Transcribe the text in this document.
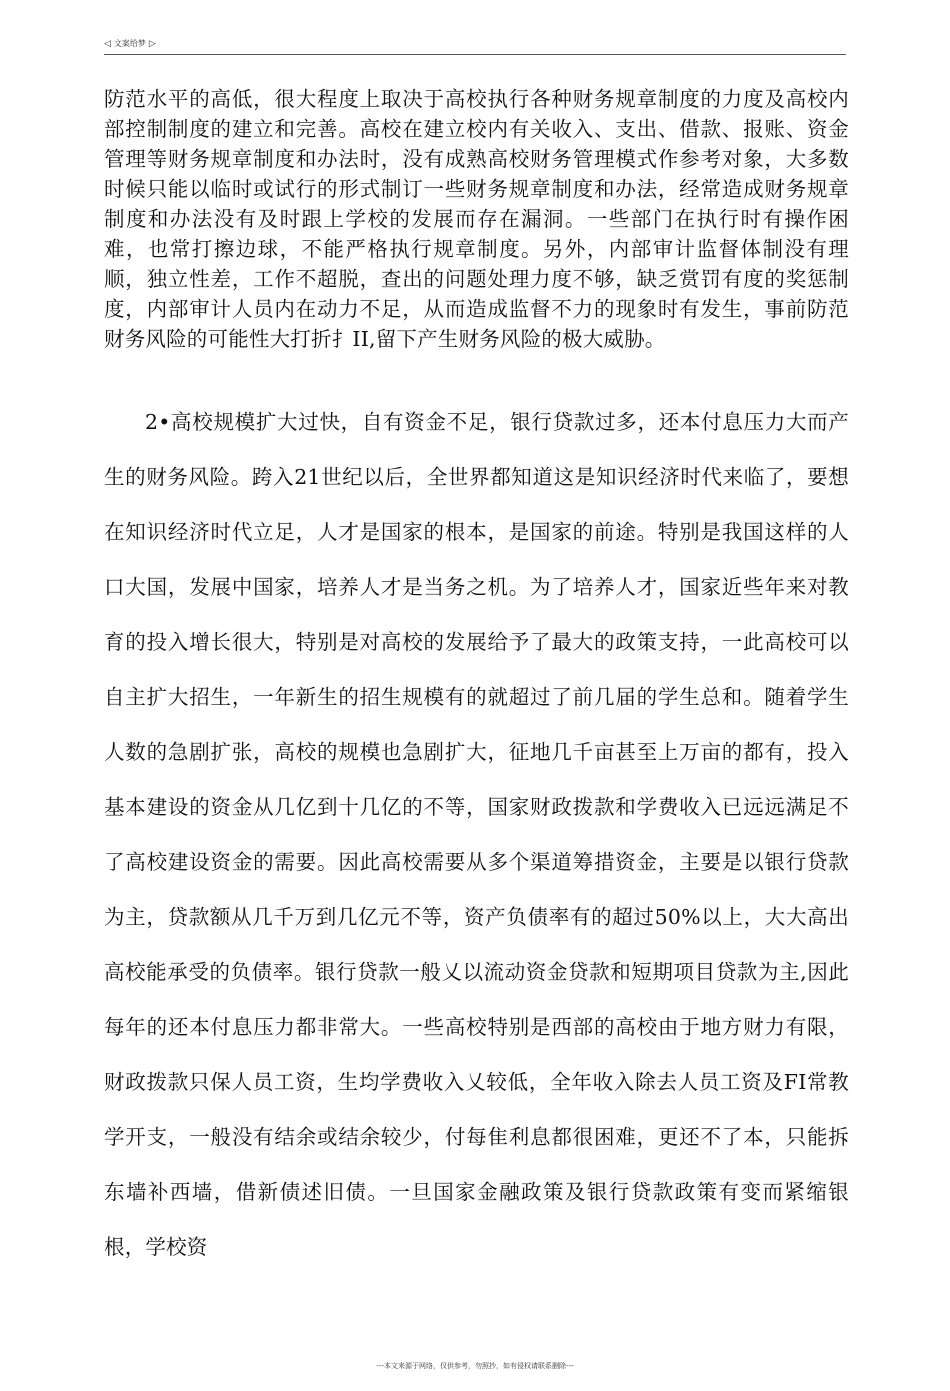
◁ 文案给梦 ▷

防范水平的高低，很大程度上取决于高校执行各种财务规章制度的力度及高校内部控制制度的建立和完善。高校在建立校内有关收入、支出、借款、报账、资金管理等财务规章制度和办法时，没有成熟高校财务管理模式作参考对象，大多数时候只能以临时或试行的形式制订一些财务规章制度和办法，经常造成财务规章制度和办法没有及时跟上学校的发展而存在漏洞。一些部门在执行时有操作困难，也常打擦边球，不能严格执行规章制度。另外，内部审计监督体制没有理顺，独立性差，工作不超脱，查出的问题处理力度不够，缺乏赏罚有度的奖惩制度，内部审计人员内在动力不足，从而造成监督不力的现象时有发生，事前防范财务风险的可能性大打折扌II,留下产生财务风险的极大威胁。

2•高校规模扩大过快，自有资金不足，银行贷款过多，还本付息压力大而产生的财务风险。跨入21世纪以后，全世界都知道这是知识经济时代来临了，要想在知识经济时代立足，人才是国家的根本，是国家的前途。特别是我国这样的人口大国，发展中国家，培养人才是当务之机。为了培养人才，国家近些年来对教育的投入增长很大，特别是对高校的发展给予了最大的政策支持，一此高校可以自主扩大招生，一年新生的招生规模有的就超过了前几届的学生总和。随着学生人数的急剧扩张，高校的规模也急剧扩大，征地几千亩甚至上万亩的都有，投入基本建设的资金从几亿到十几亿的不等，国家财政拨款和学费收入已远远满足不了高校建设资金的需要。因此高校需要从多个渠道筹措资金，主要是以银行贷款为主，贷款额从几千万到几亿元不等，资产负债率有的超过50%以上，大大高出高校能承受的负债率。银行贷款一般乂以流动资金贷款和短期项目贷款为主,因此每年的还本付息压力都非常大。一些高校特别是西部的高校由于地方财力有限，财政拨款只保人员工资，生均学费收入乂较低，全年收入除去人员工资及FI常教学开支，一般没有结余或结余较少，付每隹利息都很困难，更还不了本，只能拆东墙补西墙，借新债述旧债。一旦国家金融政策及银行贷款政策有变而紧缩银根，学校资

---本文来源于网络，仅供参考，勿照抄，如有侵权请联系删除---
